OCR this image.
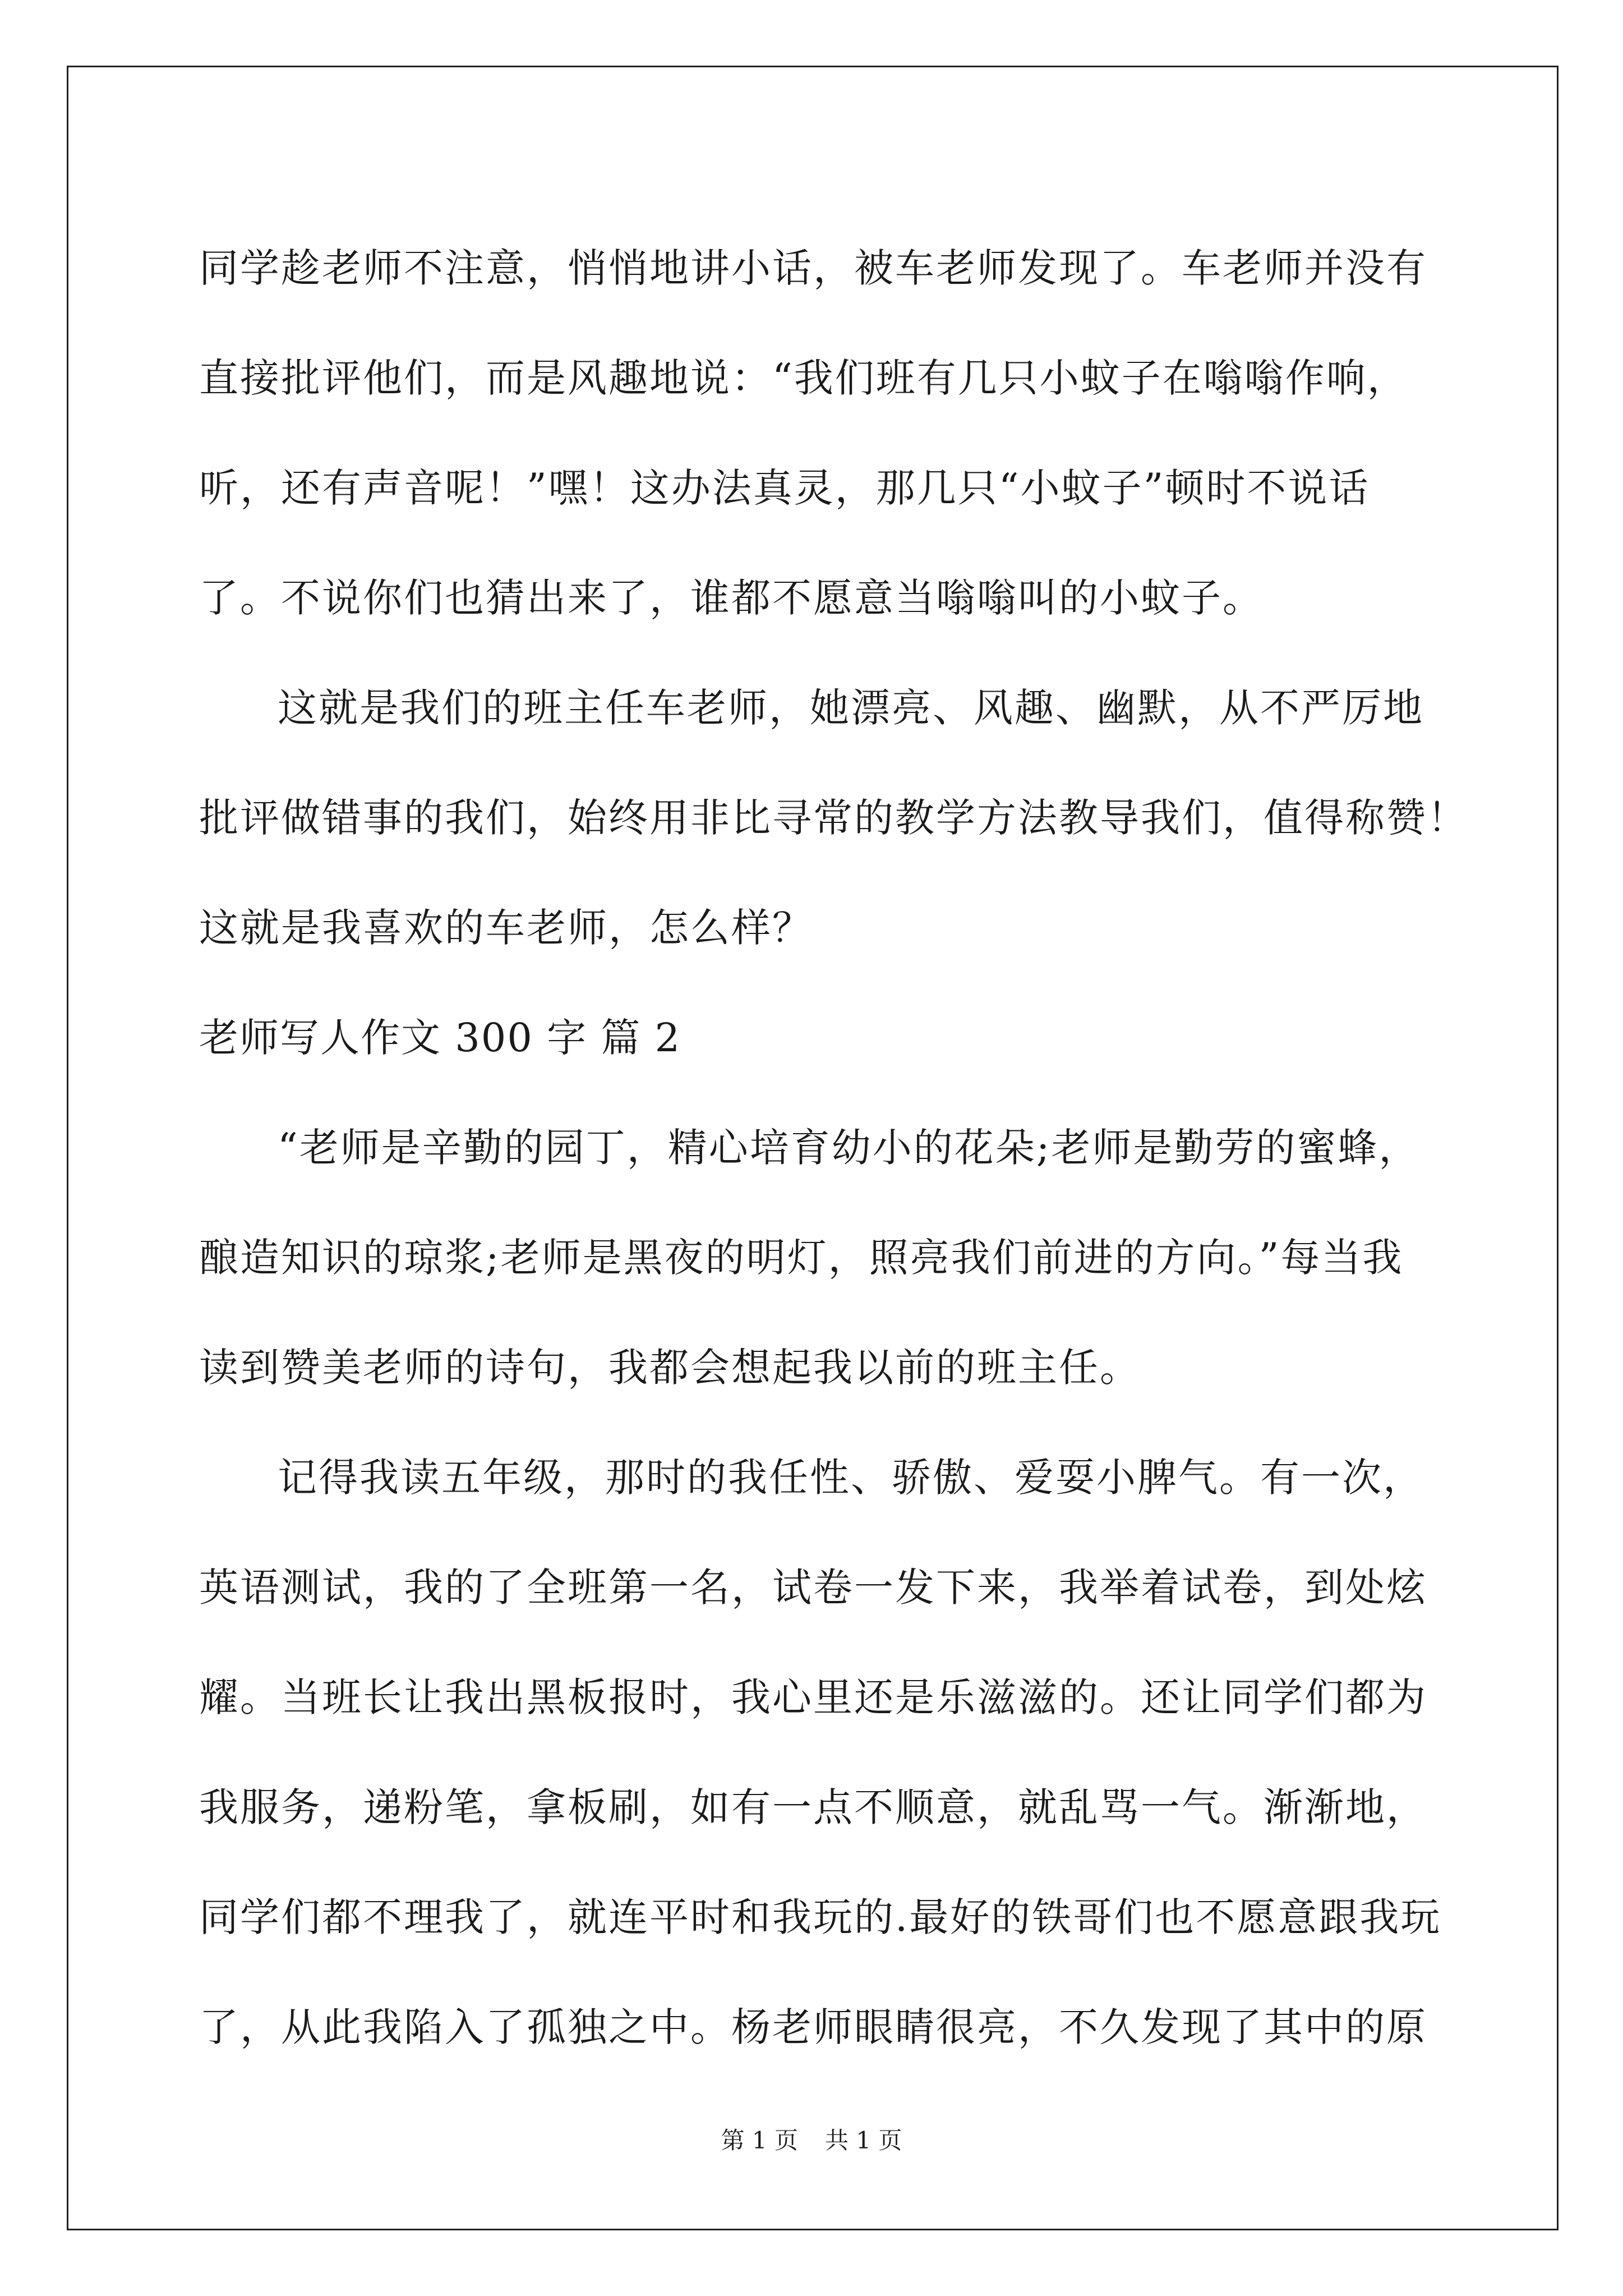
同学趁老师不注意，悄悄地讲小话，被车老师发现了。车老师并没有
直接批评他们，而是风趣地说：“我们班有几只小蚊子在嗡嗡作响，
听，还有声音呢！”嘿！这办法真灵，那几只“小蚊子”顿时不说话
了。不说你们也猜出来了，谁都不愿意当嗡嗡叫的小蚊子。
这就是我们的班主任车老师，她漂亮、风趣、幽默，从不严厉地
批评做错事的我们，始终用非比寻常的教学方法教导我们，值得称赞！
这就是我喜欢的车老师，怎么样？
老师写人作文 300 字 篇 2
“老师是辛勤的园丁，精心培育幼小的花朵;老师是勤劳的蜜蜂，
酿造知识的琼浆;老师是黑夜的明灯，照亮我们前进的方向。”每当我
读到赞美老师的诗句，我都会想起我以前的班主任。
记得我读五年级，那时的我任性、骄傲、爱耍小脾气。有一次，
英语测试，我的了全班第一名，试卷一发下来，我举着试卷，到处炫
耀。当班长让我出黑板报时，我心里还是乐滋滋的。还让同学们都为
我服务，递粉笔，拿板刷，如有一点不顺意，就乱骂一气。渐渐地，
同学们都不理我了，就连平时和我玩的.最好的铁哥们也不愿意跟我玩
了，从此我陷入了孤独之中。杨老师眼睛很亮，不久发现了其中的原
第 1 页 共 1 页
